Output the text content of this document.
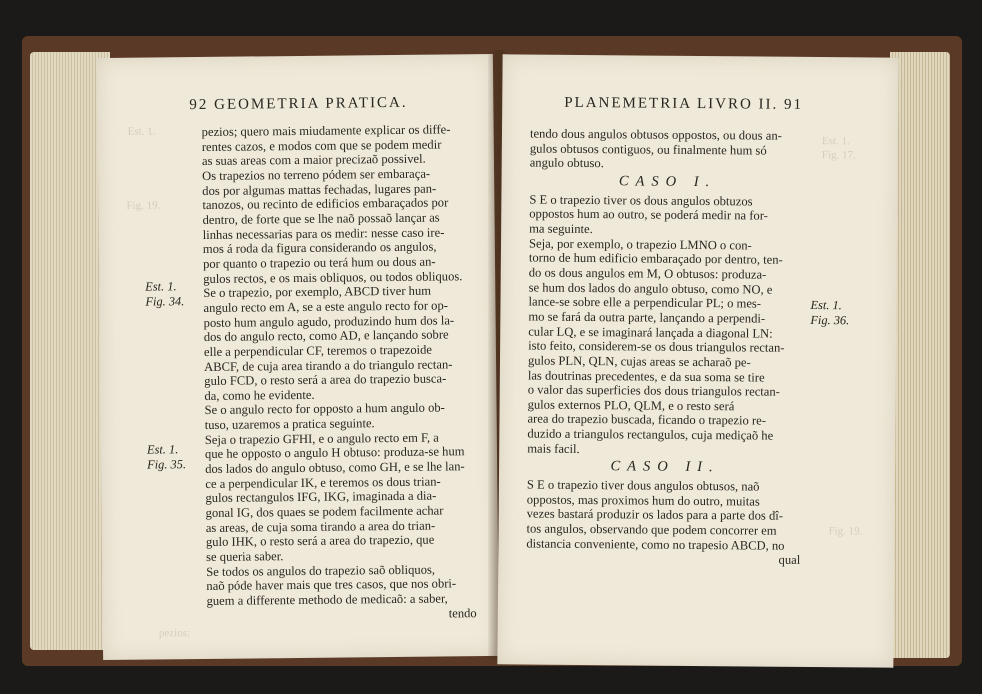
Est. 1.
Fig. 19.
pezios;
92 GEOMETRIA PRATICA.
pezios; quero mais miudamente explicar os diffe-
rentes cazos, e modos com que se podem medir
as suas areas com a maior precizaõ possivel.
Os trapezios no terreno pódem ser embaraça-
dos por algumas mattas fechadas, lugares pan-
tanozos, ou recinto de edificios embaraçados por
dentro, de forte que se lhe naõ possaõ lançar as
linhas necessarias para os medir: nesse caso ire-
mos á roda da figura considerando os angulos,
por quanto o trapezio ou terá hum ou dous an-
gulos rectos, e os mais obliquos, ou todos obliquos.
Se o trapezio, por exemplo, ABCD tiver hum
angulo recto em A, se a este angulo recto for op-
posto hum angulo agudo, produzindo hum dos la-
dos do angulo recto, como AD, e lançando sobre
elle a perpendicular CF, teremos o trapezoide
ABCF, de cuja area tirando a do triangulo rectan-
gulo FCD, o resto será a area do trapezio busca-
da, como he evidente.
Se o angulo recto for opposto a hum angulo ob-
tuso, uzaremos a pratica seguinte.
Seja o trapezio GFHI, e o angulo recto em F, a
que he opposto o angulo H obtuso: produza-se hum
dos lados do angulo obtuso, como GH, e se lhe lan-
ce a perpendicular IK, e teremos os dous trian-
gulos rectangulos IFG, IKG, imaginada a dia-
gonal IG, dos quaes se podem facilmente achar
as areas, de cuja soma tirando a area do trian-
gulo IHK, o resto será a area do trapezio, que
se queria saber.
Se todos os angulos do trapezio saõ obliquos,
naõ póde haver mais que tres casos, que nos obri-
guem a differente methodo de medicaõ: a saber,
tendo
Est. 1.
Fig. 34.
Est. 1.
Fig. 35.
Est. 1.
Fig. 17.
Fig. 19.
PLANEMETRIA LIVRO II. 91
tendo dous angulos obtusos oppostos, ou dous an-
gulos obtusos contiguos, ou finalmente hum só
angulo obtuso.
CASO I.
S E o trapezio tiver os dous angulos obtuzos
oppostos hum ao outro, se poderá medir na for-
ma seguinte.
Seja, por exemplo, o trapezio LMNO o con-
torno de hum edificio embaraçado por dentro, ten-
do os dous angulos em M, O obtusos: produza-
se hum dos lados do angulo obtuso, como NO, e
lance-se sobre elle a perpendicular PL; o mes-
mo se fará da outra parte, lançando a perpendi-
cular LQ, e se imaginará lançada a diagonal LN:
isto feito, considerem-se os dous triangulos rectan-
gulos PLN, QLN, cujas areas se acharaõ pe-
las doutrinas precedentes, e da sua soma se tire
o valor das superficies dos dous triangulos rectan-
gulos externos PLO, QLM, e o resto será
area do trapezio buscada, ficando o trapezio re-
duzido a triangulos rectangulos, cuja mediçaõ he
mais facil.
CASO II.
S E o trapezio tiver dous angulos obtusos, naõ
oppostos, mas proximos hum do outro, muitas
vezes bastará produzir os lados para a parte dos dî-
tos angulos, observando que podem concorrer em
distancia conveniente, como no trapesio ABCD, no
qual
Est. 1.
Fig. 36.
